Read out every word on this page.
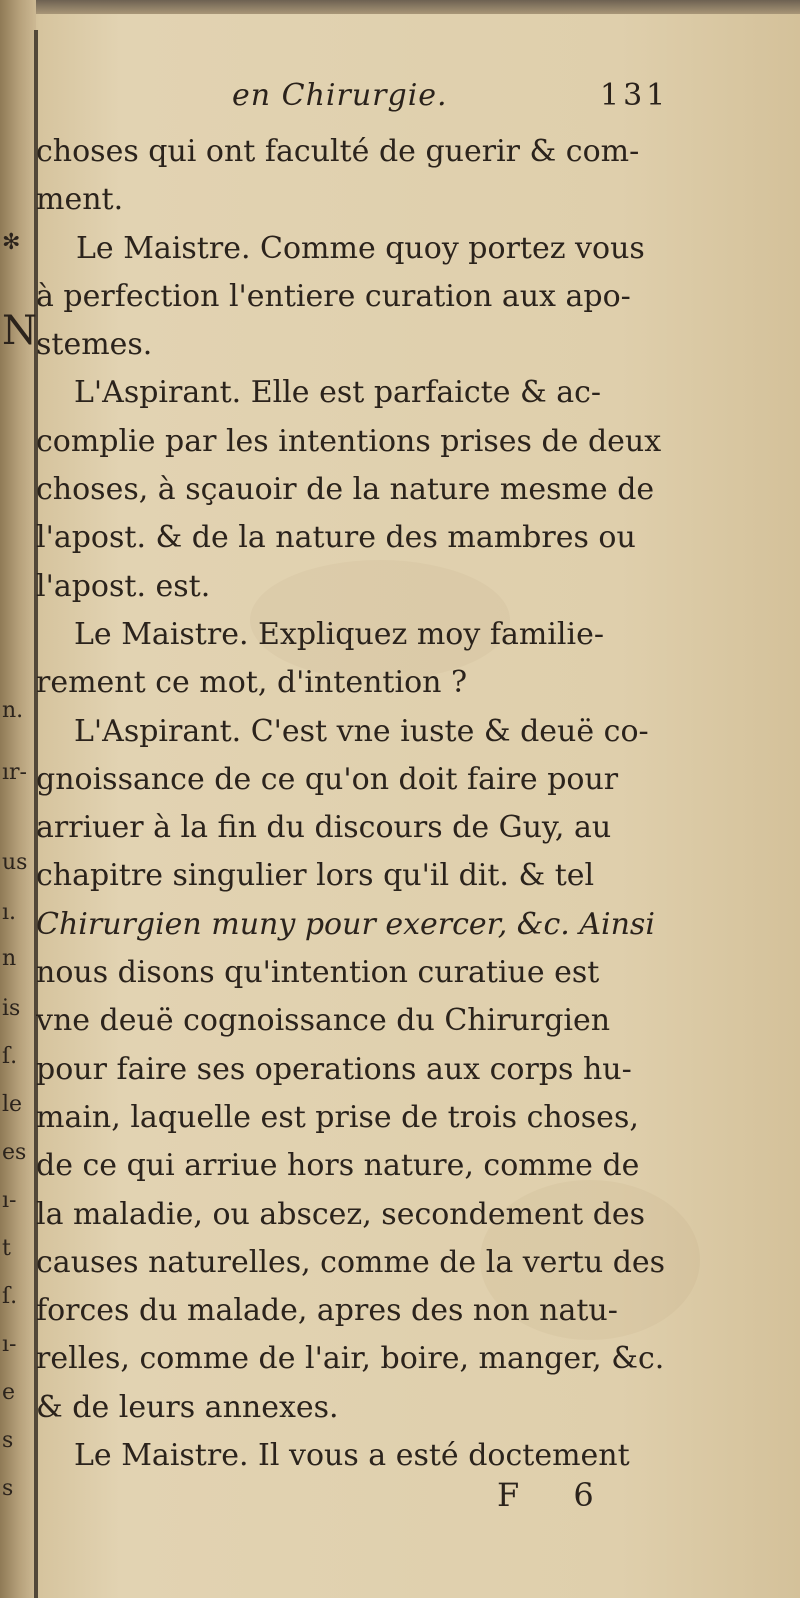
en Chirurgie.	131
✻
N
n.
ır-
us
ı.
n
is
ſ.
le
es
ı-
t
ſ.
ı-
e
s
s
choses qui ont faculté de guerir & com-
ment.
Le Maistre. Comme quoy portez vous
à perfection l'entiere curation aux apo-
stemes.
L'Aspirant. Elle est parfaicte & ac-
complie par les intentions prises de deux
choses, à sçauoir de la nature mesme de
l'apost. & de la nature des mambres ou
l'apost. est.
Le Maistre. Expliquez moy familie-
rement ce mot, d'intention ?
L'Aspirant. C'est vne iuste & deuë co-
gnoissance de ce qu'on doit faire pour
arriuer à la fin du discours de Guy, au
chapitre singulier lors qu'il dit. & tel
Chirurgien muny pour exercer, &c. Ainsi
nous disons qu'intention curatiue est
vne deuë cognoissance du Chirurgien
pour faire ses operations aux corps hu-
main, laquelle est prise de trois choses,
de ce qui arriue hors nature, comme de
la maladie, ou abscez, secondement des
causes naturelles, comme de la vertu des
forces du malade, apres des non natu-
relles, comme de l'air, boire, manger, &c.
& de leurs annexes.
Le Maistre. Il vous a esté doctement
F 6
